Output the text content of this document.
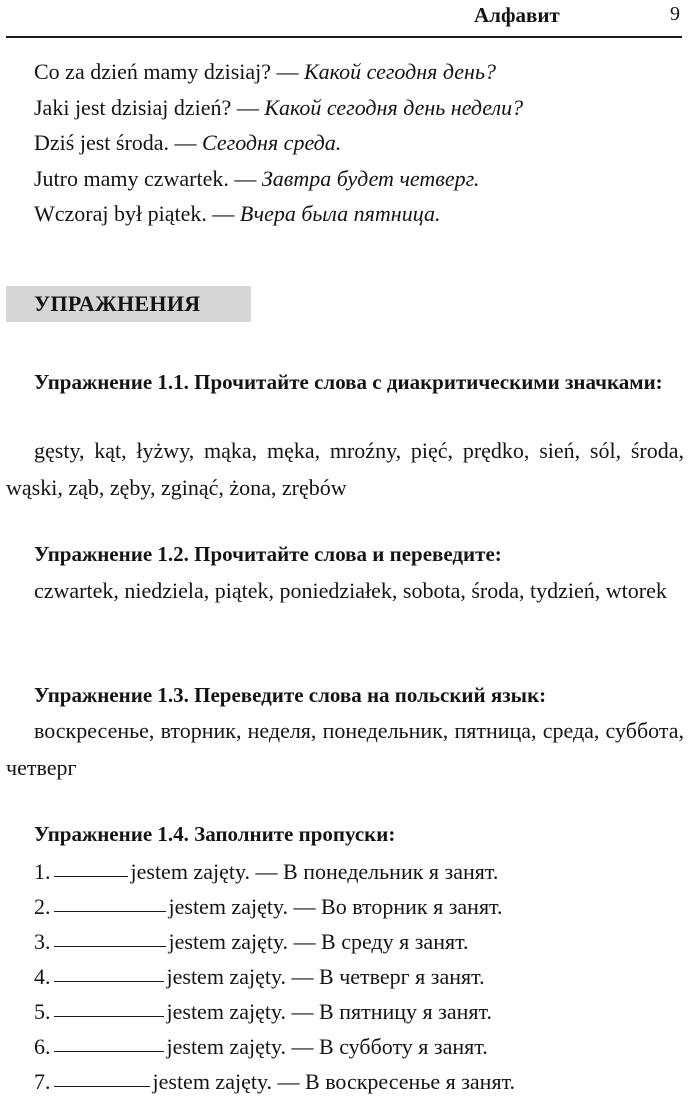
Алфавит	9
Co za dzień mamy dzisiaj? — Какой сегодня день?
Jaki jest dzisiaj dzień? — Какой сегодня день недели?
Dziś jest środa. — Сегодня среда.
Jutro mamy czwartek. — Завтра будет четверг.
Wczoraj był piątek. — Вчера была пятница.
УПРАЖНЕНИЯ
Упражнение 1.1. Прочитайте слова с диакритическими значками:
gęsty, kąt, łyżwy, mąka, męka, mroźny, pięć, prędko, sień, sól, środa, wąski, ząb, zęby, zginąć, żona, zrębów
Упражнение 1.2. Прочитайте слова и переведите:
czwartek, niedziela, piątek, poniedziałek, sobota, środa, tydzień, wtorek
Упражнение 1.3. Переведите слова на польский язык:
воскресенье, вторник, неделя, понедельник, пятница, среда, суббота, четверг
Упражнение 1.4. Заполните пропуски:
1.	jestem zajęty. — В понедельник я занят.
2.	jestem zajęty. — Во вторник я занят.
3.	jestem zajęty. — В среду я занят.
4.	jestem zajęty. — В четверг я занят.
5.	jestem zajęty. — В пятницу я занят.
6.	jestem zajęty. — В субботу я занят.
7.	jestem zajęty. — В воскресенье я занят.
